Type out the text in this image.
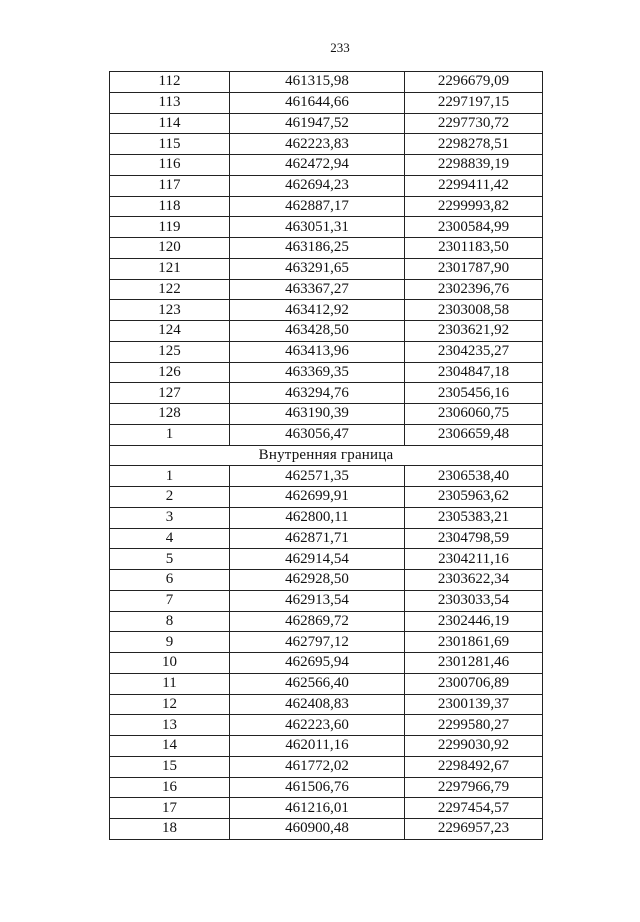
233
112	461315,98	2296679,09
113	461644,66	2297197,15
114	461947,52	2297730,72
115	462223,83	2298278,51
116	462472,94	2298839,19
117	462694,23	2299411,42
118	462887,17	2299993,82
119	463051,31	2300584,99
120	463186,25	2301183,50
121	463291,65	2301787,90
122	463367,27	2302396,76
123	463412,92	2303008,58
124	463428,50	2303621,92
125	463413,96	2304235,27
126	463369,35	2304847,18
127	463294,76	2305456,16
128	463190,39	2306060,75
1	463056,47	2306659,48
Внутренняя граница		
1	462571,35	2306538,40
2	462699,91	2305963,62
3	462800,11	2305383,21
4	462871,71	2304798,59
5	462914,54	2304211,16
6	462928,50	2303622,34
7	462913,54	2303033,54
8	462869,72	2302446,19
9	462797,12	2301861,69
10	462695,94	2301281,46
11	462566,40	2300706,89
12	462408,83	2300139,37
13	462223,60	2299580,27
14	462011,16	2299030,92
15	461772,02	2298492,67
16	461506,76	2297966,79
17	461216,01	2297454,57
18	460900,48	2296957,23
